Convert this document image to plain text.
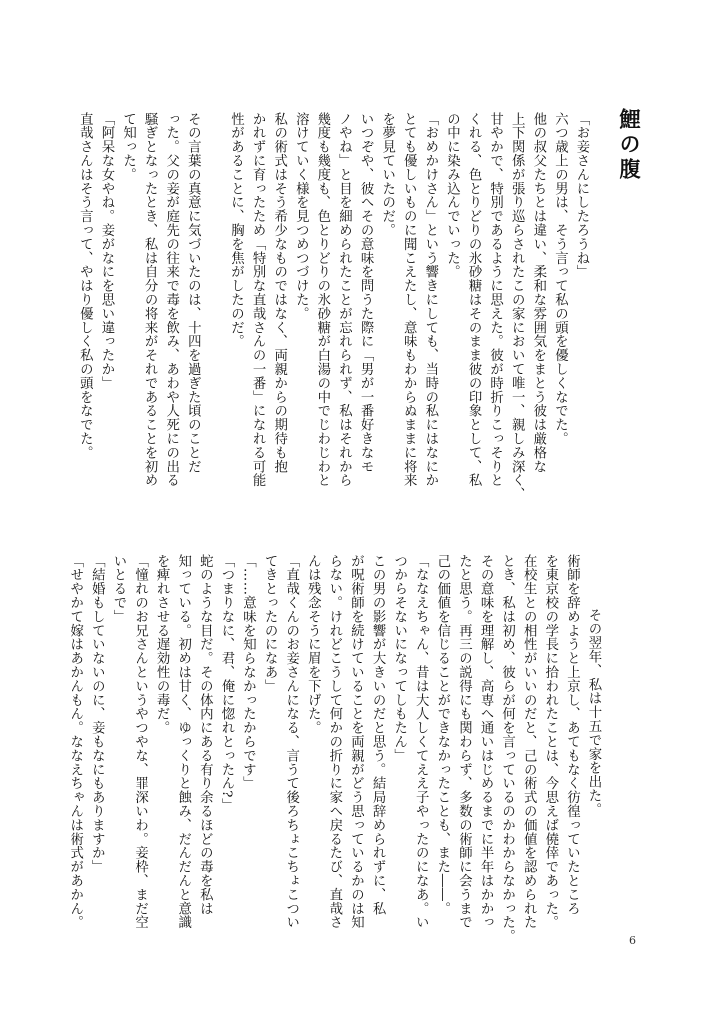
鯉の腹

「お妾さんにしたろうね」

六つ歳上の男は、そう言って私の頭を優しくなでた。

他の叔父たちとは違い、柔和な雰囲気をまとう彼は厳格な

上下関係が張り巡らされたこの家において唯一、親しみ深く、

甘やかで、特別であるように思えた。彼が時折りこっそりと

くれる、色とりどりの氷砂糖はそのまま彼の印象として、私

の中に染み込んでいった。

「おめかけさん」という響きにしても、当時の私にはなにか

とても優しいものに聞こえたし、意味もわからぬままに将来

を夢見ていたのだ。

いつぞや、彼へその意味を問うた際に「男が一番好きなモ

ノやね」と目を細められたことが忘れられず、私はそれから

幾度も幾度も、色とりどりの氷砂糖が白湯の中でじわじわと

溶けていく様を見つめつづけた。

私の術式はそう希少なものではなく、両親からの期待も抱

かれずに育ったため「特別な直哉さんの一番」になれる可能

性があることに、胸を焦がしたのだ。

その言葉の真意に気づいたのは、十四を過ぎた頃のことだ

った。父の妾が庭先の往来で毒を飲み、あわや人死にの出る

騒ぎとなったとき、私は自分の将来がそれであることを初め

て知った。

「阿呆な女やね。妾がなにを思い違ったか」

直哉さんはそう言って、やはり優しく私の頭をなでた。

その翌年、私は十五で家を出た。

術師を辞めようと上京し、あてもなく彷徨っていたところ

を東京校の学長に拾われたことは、今思えば僥倖であった。

在校生との相性がいいのだと、己の術式の価値を認められた

とき、私は初め、彼らが何を言っているのかわからなかった。

その意味を理解し、高専へ通いはじめるまでに半年はかかっ

たと思う。再三の説得にも関わらず、多数の術師に会うまで

己の価値を信じることができなかったことも、また――。

「ななえちゃん、昔は大人しくてええ子やったのになあ。い

つからそないになってしもたん」

この男の影響が大きいのだと思う。結局辞められずに、私

が呪術師を続けていることを両親がどう思っているかのは知

らない。けれどこうして何かの折りに家へ戻るたび、直哉さ

んは残念そうに眉を下げた。

「直哉くんのお妾さんになる、言うて後ろちょこちょこつい

てきとったのになあ」

「……意味を知らなかったからです」

「つまりなに、君、俺に惚れとったん?」

蛇のような目だ。その体内にある有り余るほどの毒を私は

知っている。初めは甘く、ゆっくりと蝕み、だんだんと意識

を痺れさせる遅効性の毒だ。

「憧れのお兄さんというやつやな、罪深いわ。妾枠、まだ空

いとるで」

「結婚もしていないのに、妾もなにもありますか」

「せやかて嫁はあかんもん。ななえちゃんは術式があかん。

6
